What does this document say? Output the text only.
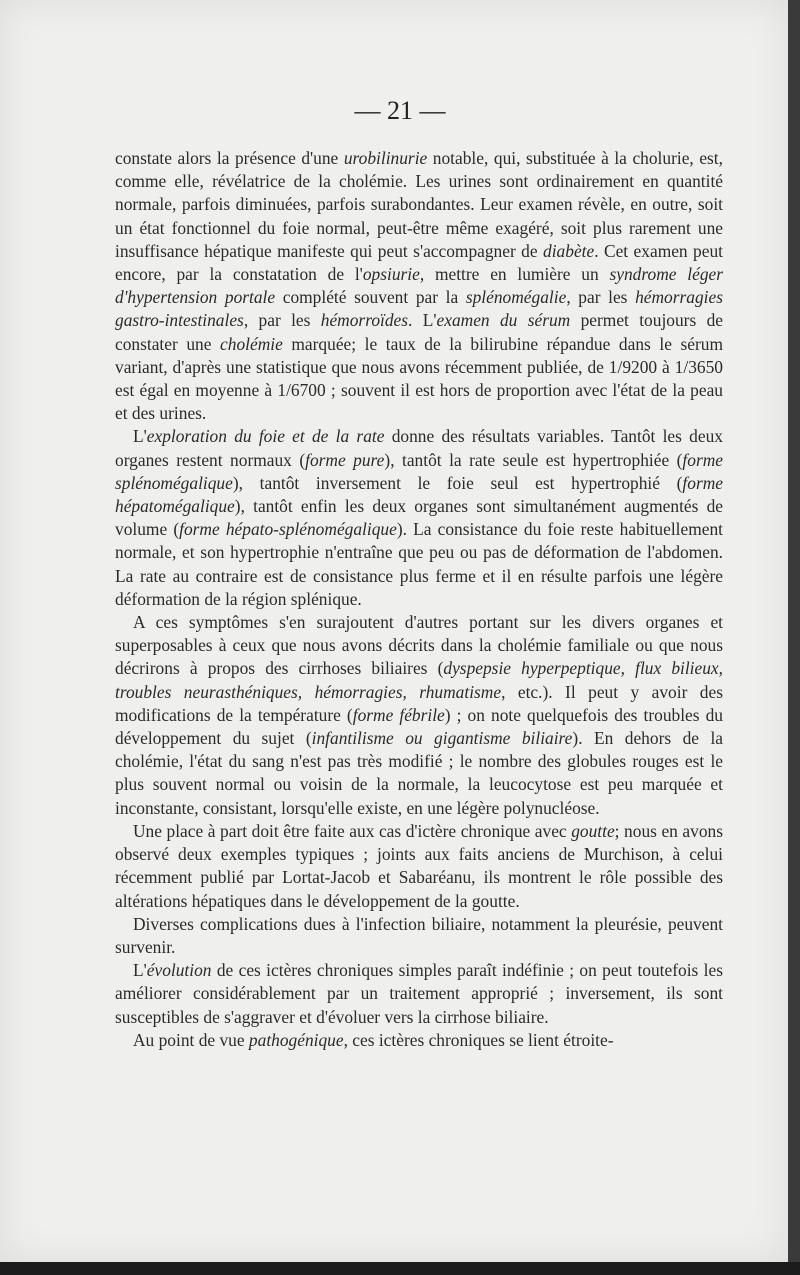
— 21 —

constate alors la présence d'une urobilinurie notable, qui, substituée à la cholurie, est, comme elle, révélatrice de la cholémie. Les urines sont ordinairement en quantité normale, parfois diminuées, parfois surabondantes. Leur examen révèle, en outre, soit un état fonctionnel du foie normal, peut-être même exagéré, soit plus rarement une insuffisance hépatique manifeste qui peut s'accompagner de diabète. Cet examen peut encore, par la constatation de l'opsiurie, mettre en lumière un syndrome léger d'hypertension portale complété souvent par la splénomégalie, par les hémorragies gastro-intestinales, par les hémorroïdes. L'examen du sérum permet toujours de constater une cholémie marquée; le taux de la bilirubine répandue dans le sérum variant, d'après une statistique que nous avons récemment publiée, de 1/9200 à 1/3650 est égal en moyenne à 1/6700 ; souvent il est hors de proportion avec l'état de la peau et des urines.

L'exploration du foie et de la rate donne des résultats variables. Tantôt les deux organes restent normaux (forme pure), tantôt la rate seule est hypertrophiée (forme splénomégalique), tantôt inversement le foie seul est hypertrophié (forme hépatomégalique), tantôt enfin les deux organes sont simultanément augmentés de volume (forme hépato-splénomégalique). La consistance du foie reste habituellement normale, et son hypertrophie n'entraîne que peu ou pas de déformation de l'abdomen. La rate au contraire est de consistance plus ferme et il en résulte parfois une légère déformation de la région splénique.

A ces symptômes s'en surajoutent d'autres portant sur les divers organes et superposables à ceux que nous avons décrits dans la cholémie familiale ou que nous décrirons à propos des cirrhoses biliaires (dyspepsie hyperpeptique, flux bilieux, troubles neurasthéniques, hémorragies, rhumatisme, etc.). Il peut y avoir des modifications de la température (forme fébrile) ; on note quelquefois des troubles du développement du sujet (infantilisme ou gigantisme biliaire). En dehors de la cholémie, l'état du sang n'est pas très modifié ; le nombre des globules rouges est le plus souvent normal ou voisin de la normale, la leucocytose est peu marquée et inconstante, consistant, lorsqu'elle existe, en une légère polynucléose.

Une place à part doit être faite aux cas d'ictère chronique avec goutte; nous en avons observé deux exemples typiques ; joints aux faits anciens de Murchison, à celui récemment publié par Lortat-Jacob et Sabaréanu, ils montrent le rôle possible des altérations hépatiques dans le développement de la goutte.

Diverses complications dues à l'infection biliaire, notamment la pleurésie, peuvent survenir.

L'évolution de ces ictères chroniques simples paraît indéfinie ; on peut toutefois les améliorer considérablement par un traitement approprié ; inversement, ils sont susceptibles de s'aggraver et d'évoluer vers la cirrhose biliaire.

Au point de vue pathogénique, ces ictères chroniques se lient étroite-
